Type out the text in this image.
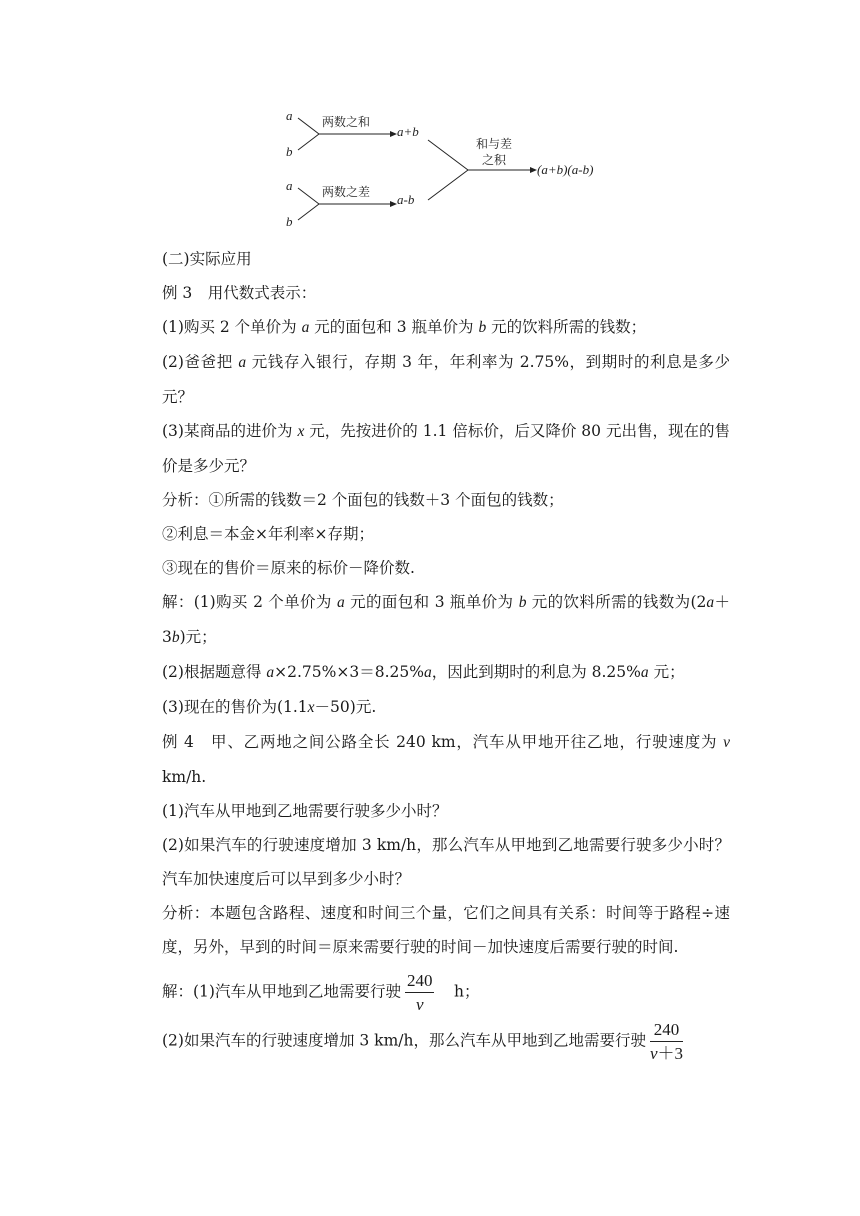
a
b
两数之和
a+b
a
b
两数之差 a-b
和与差
之积
(a+b)(a-b)

(二)实际应用

例 3　用代数式表示：

(1)购买 2 个单价为 a 元的面包和 3 瓶单价为 b 元的饮料所需的钱数；

(2)爸爸把 a 元钱存入银行，存期 3 年，年利率为 2.75%，到期时的利息是多少元？

(3)某商品的进价为 x 元，先按进价的 1.1 倍标价，后又降价 80 元出售，现在的售价是多少元？

分析：①所需的钱数＝2 个面包的钱数＋3 个面包的钱数；

②利息＝本金×年利率×存期；

③现在的售价＝原来的标价－降价数.

解：(1)购买 2 个单价为 a 元的面包和 3 瓶单价为 b 元的饮料所需的钱数为(2a＋3b)元；

(2)根据题意得 a×2.75%×3＝8.25%a，因此到期时的利息为 8.25%a 元；

(3)现在的售价为(1.1x－50)元.

例 4　甲、乙两地之间公路全长 240 km，汽车从甲地开往乙地，行驶速度为 v km/h.

(1)汽车从甲地到乙地需要行驶多少小时？

(2)如果汽车的行驶速度增加 3 km/h，那么汽车从甲地到乙地需要行驶多少小时？汽车加快速度后可以早到多少小时？

分析：本题包含路程、速度和时间三个量，它们之间具有关系：时间等于路程÷速度，另外，早到的时间＝原来需要行驶的时间－加快速度后需要行驶的时间.

解：(1)汽车从甲地到乙地需要行驶 $\frac{240}{v}$ 　h；

(2)如果汽车的行驶速度增加 3 km/h，那么汽车从甲地到乙地需要行驶 $\frac{240}{v+3}$
